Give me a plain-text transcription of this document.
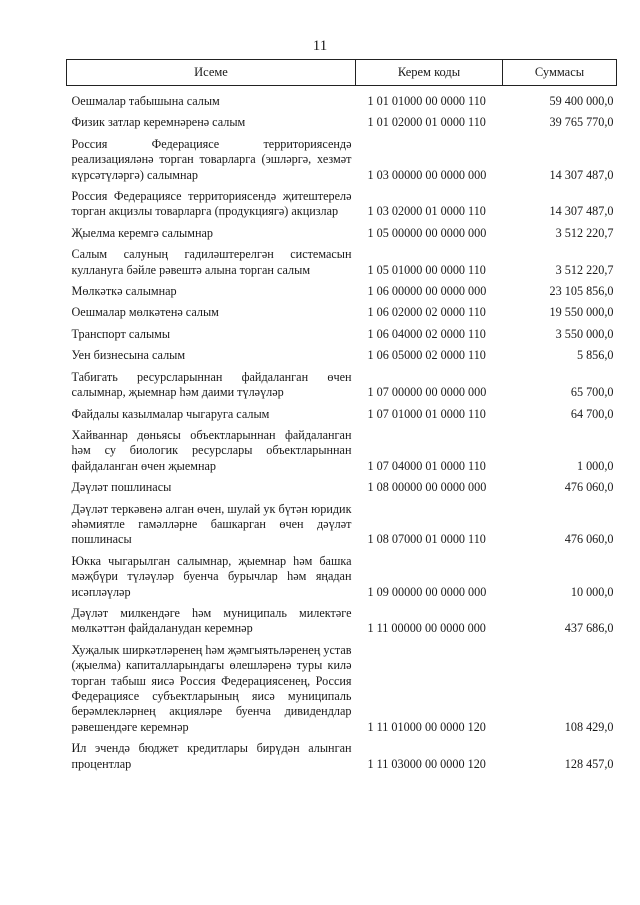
11
Исеме	Керем коды	Суммасы
Оешмалар табышына салым	1 01 01000 00 0000 110	59 400 000,0
Физик затлар керемнәренә салым	1 01 02000 01 0000 110	39 765 770,0
Россия Федерациясе территориясендә реализацияләнә торган товарларга (эшләргә, хезмәт күрсәтүләргә) салымнар	1 03 00000 00 0000 000	14 307 487,0
Россия Федерациясе территориясендә җитештерелә торган акцизлы товарларга (продукциягә) акцизлар	1 03 02000 01 0000 110	14 307 487,0
Җыелма керемгә салымнар	1 05 00000 00 0000 000	3 512 220,7
Салым салуның гадиләштерелгән системасын куллануга бәйле рәвештә алына торган салым	1 05 01000 00 0000 110	3 512 220,7
Мөлкәткә салымнар	1 06 00000 00 0000 000	23 105 856,0
Оешмалар мөлкәтенә салым	1 06 02000 02 0000 110	19 550 000,0
Транспорт салымы	1 06 04000 02 0000 110	3 550 000,0
Уен бизнесына салым	1 06 05000 02 0000 110	5 856,0
Табигать ресурсларыннан файдаланган өчен салымнар, җыемнар һәм даими түләүләр	1 07 00000 00 0000 000	65 700,0
Файдалы казылмалар чыгаруга салым	1 07 01000 01 0000 110	64 700,0
Хайваннар дөньясы объектларыннан файдаланган һәм су биологик ресурслары объектларыннан файдаланган өчен җыемнар	1 07 04000 01 0000 110	1 000,0
Дәүләт пошлинасы	1 08 00000 00 0000 000	476 060,0
Дәүләт теркәвенә алган өчен, шулай ук бүтән юридик әһәмиятле гамәлләрне башкарган өчен дәүләт пошлинасы	1 08 07000 01 0000 110	476 060,0
Юкка чыгарылган салымнар, җыемнар һәм башка мәҗбүри түләүләр буенча бурычлар һәм яңадан исәпләүләр	1 09 00000 00 0000 000	10 000,0
Дәүләт милкендәге һәм муниципаль милектәге мөлкәттән файдаланудан керемнәр	1 11 00000 00 0000 000	437 686,0
Хуҗалык ширкәтләренең һәм җәмгыятьләренең устав (җыелма) капиталларындагы өлешләренә туры килә торган табыш яисә Россия Федерациясенең, Россия Федерациясе субъектларының яисә муниципаль берәмлекләрнең акцияләре буенча дивидендлар рәвешендәге керемнәр	1 11 01000 00 0000 120	108 429,0
Ил эчендә бюджет кредитлары бирүдән алынган процентлар	1 11 03000 00 0000 120	128 457,0
